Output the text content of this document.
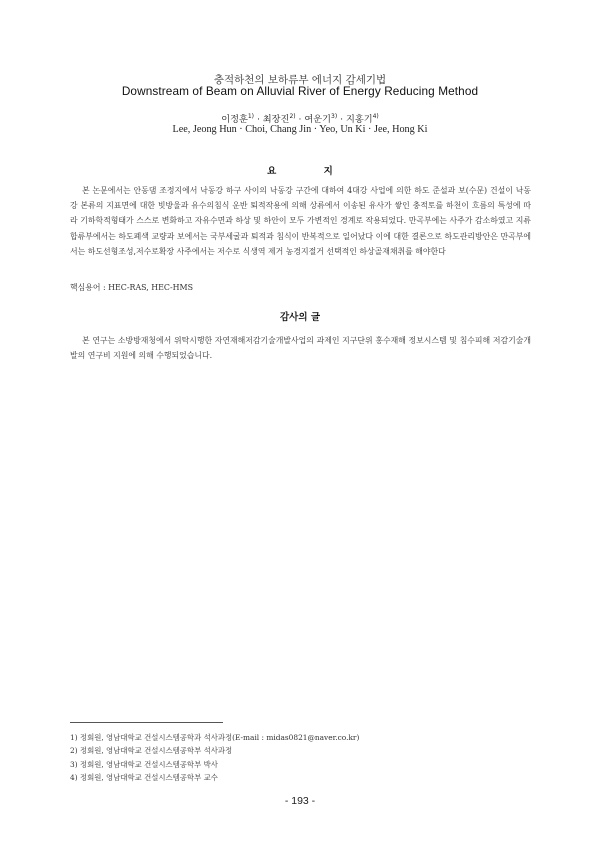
충적하천의 보하류부 에너지 감세기법
Downstream of Beam on Alluvial River of Energy Reducing Method
이정훈$^{1)}$ · 최장진$^{2)}$ · 여운기$^{3)}$ · 지홍기$^{4)}$
Lee, Jeong Hun · Choi, Chang Jin · Yeo, Un Ki · Jee, Hong Ki
요 지

본 논문에서는 안동댐 조정지에서 낙동강 하구 사이의 낙동강 구간에 대하여 4대강 사업에 의한 하도 준설과 보(수문) 건설이 낙동강 본류의 지표면에 대한 빗방울과 유수의침식 운반 퇴적작용에 의해 상류에서 이송된 유사가 쌓인 충적토를 하천이 흐름의 특성에 따라 기하학적형태가 스스로 변화하고 자유수면과 하상 및 하안이 모두 가변적인 경계로 작용되었다. 만곡부에는 사주가 감소하였고 지류합류부에서는 하도폐색 교량과 보에서는 국부세굴과 퇴적과 침식이 반복적으로 일어났다 이에 대한 결론으로 하도관리방안은 만곡부에서는 하도선형조성,저수로확장 사주에서는 저수로 식생역 제거 농경지절거 선택적인 하상골재채취를 해야한다

핵심용어 : HEC-RAS, HEC-HMS
감사의 글

본 연구는 소방방재청에서 위탁시행한 자연재해저감기술개발사업의 과제인 지구단위 홍수재해 정보시스템 및 침수피해 저감기술개발의 연구비 지원에 의해 수행되었습니다.

1) 정회원, 영남대학교 건설시스템공학과 석사과정(E-mail : midas0821@naver.co.kr)
2) 정회원, 영남대학교 건설시스템공학부 석사과정
3) 정회원, 영남대학교 건설시스템공학부 박사
4) 정회원, 영남대학교 건설시스템공학부 교수
- 193 -
